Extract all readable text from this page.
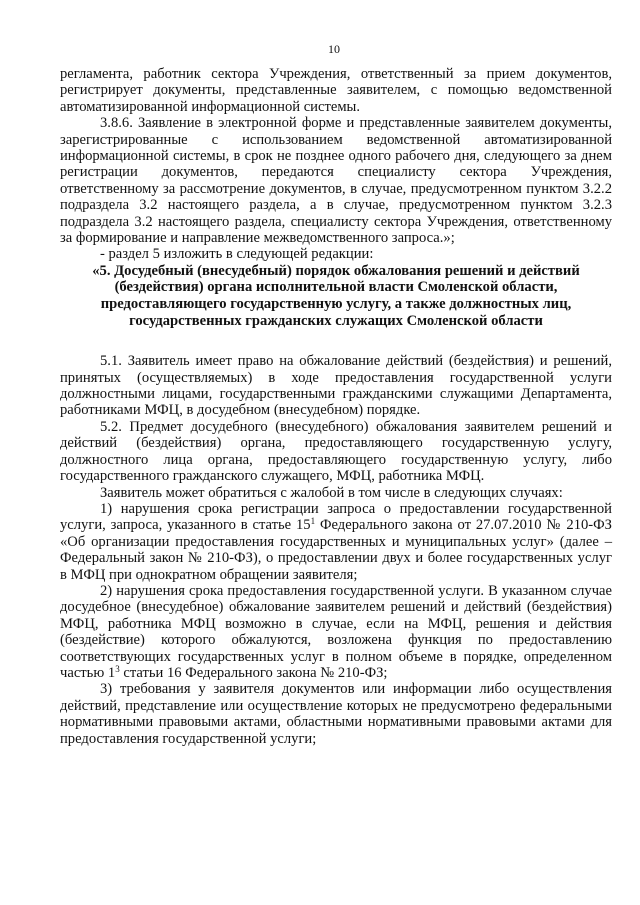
10

регламента, работник сектора Учреждения, ответственный за прием документов, регистрирует документы, представленные заявителем, с помощью ведомственной автоматизированной информационной системы.

3.8.6. Заявление в электронной форме и представленные заявителем документы, зарегистрированные с использованием ведомственной автоматизированной информационной системы, в срок не позднее одного рабочего дня, следующего за днем регистрации документов, передаются специалисту сектора Учреждения, ответственному за рассмотрение документов, в случае, предусмотренном пунктом 3.2.2 подраздела 3.2 настоящего раздела, а в случае, предусмотренном пунктом 3.2.3 подраздела 3.2 настоящего раздела, специалисту сектора Учреждения, ответственному за формирование и направление межведомственного запроса.»;

- раздел 5 изложить в следующей редакции:

«5. Досудебный (внесудебный) порядок обжалования решений и действий (бездействия) органа исполнительной власти Смоленской области, предоставляющего государственную услугу, а также должностных лиц, государственных гражданских служащих Смоленской области

5.1. Заявитель имеет право на обжалование действий (бездействия) и решений, принятых (осуществляемых) в ходе предоставления государственной услуги должностными лицами, государственными гражданскими служащими Департамента, работниками МФЦ, в досудебном (внесудебном) порядке.

5.2. Предмет досудебного (внесудебного) обжалования заявителем решений и действий (бездействия) органа, предоставляющего государственную услугу, должностного лица органа, предоставляющего государственную услугу, либо государственного гражданского служащего, МФЦ, работника МФЦ.

Заявитель может обратиться с жалобой в том числе в следующих случаях:

1) нарушения срока регистрации запроса о предоставлении государственной услуги, запроса, указанного в статье $15^1$ Федерального закона от 27.07.2010 № 210-ФЗ «Об организации предоставления государственных и муниципальных услуг» (далее – Федеральный закон № 210-ФЗ), о предоставлении двух и более государственных услуг в МФЦ при однократном обращении заявителя;

2) нарушения срока предоставления государственной услуги. В указанном случае досудебное (внесудебное) обжалование заявителем решений и действий (бездействия) МФЦ, работника МФЦ возможно в случае, если на МФЦ, решения и действия (бездействие) которого обжалуются, возложена функция по предоставлению соответствующих государственных услуг в полном объеме в порядке, определенном частью $1^3$ статьи 16 Федерального закона № 210-ФЗ;

3) требования у заявителя документов или информации либо осуществления действий, представление или осуществление которых не предусмотрено федеральными нормативными правовыми актами, областными нормативными правовыми актами для предоставления государственной услуги;
